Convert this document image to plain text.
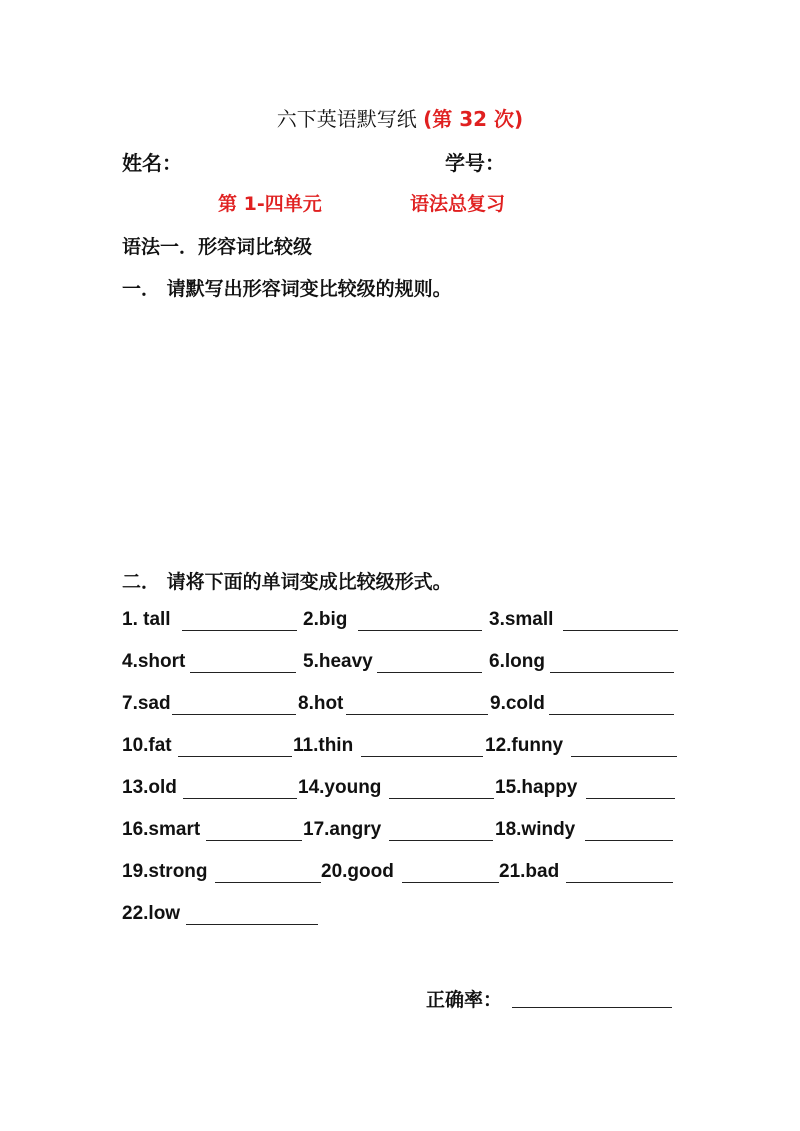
六下英语默写纸 (第 32 次)
姓名：	学号：
第 1-四单元	语法总复习
语法一．形容词比较级
一． 请默写出形容词变比较级的规则。
二． 请将下面的单词变成比较级形式。
1. tall	2.big	3.small
4.short	5.heavy	6.long
7.sad	8.hot	9.cold
10.fat	11.thin	12.funny
13.old	14.young	15.happy
16.smart	17.angry	18.windy
19.strong	20.good	21.bad
22.low
正确率：
